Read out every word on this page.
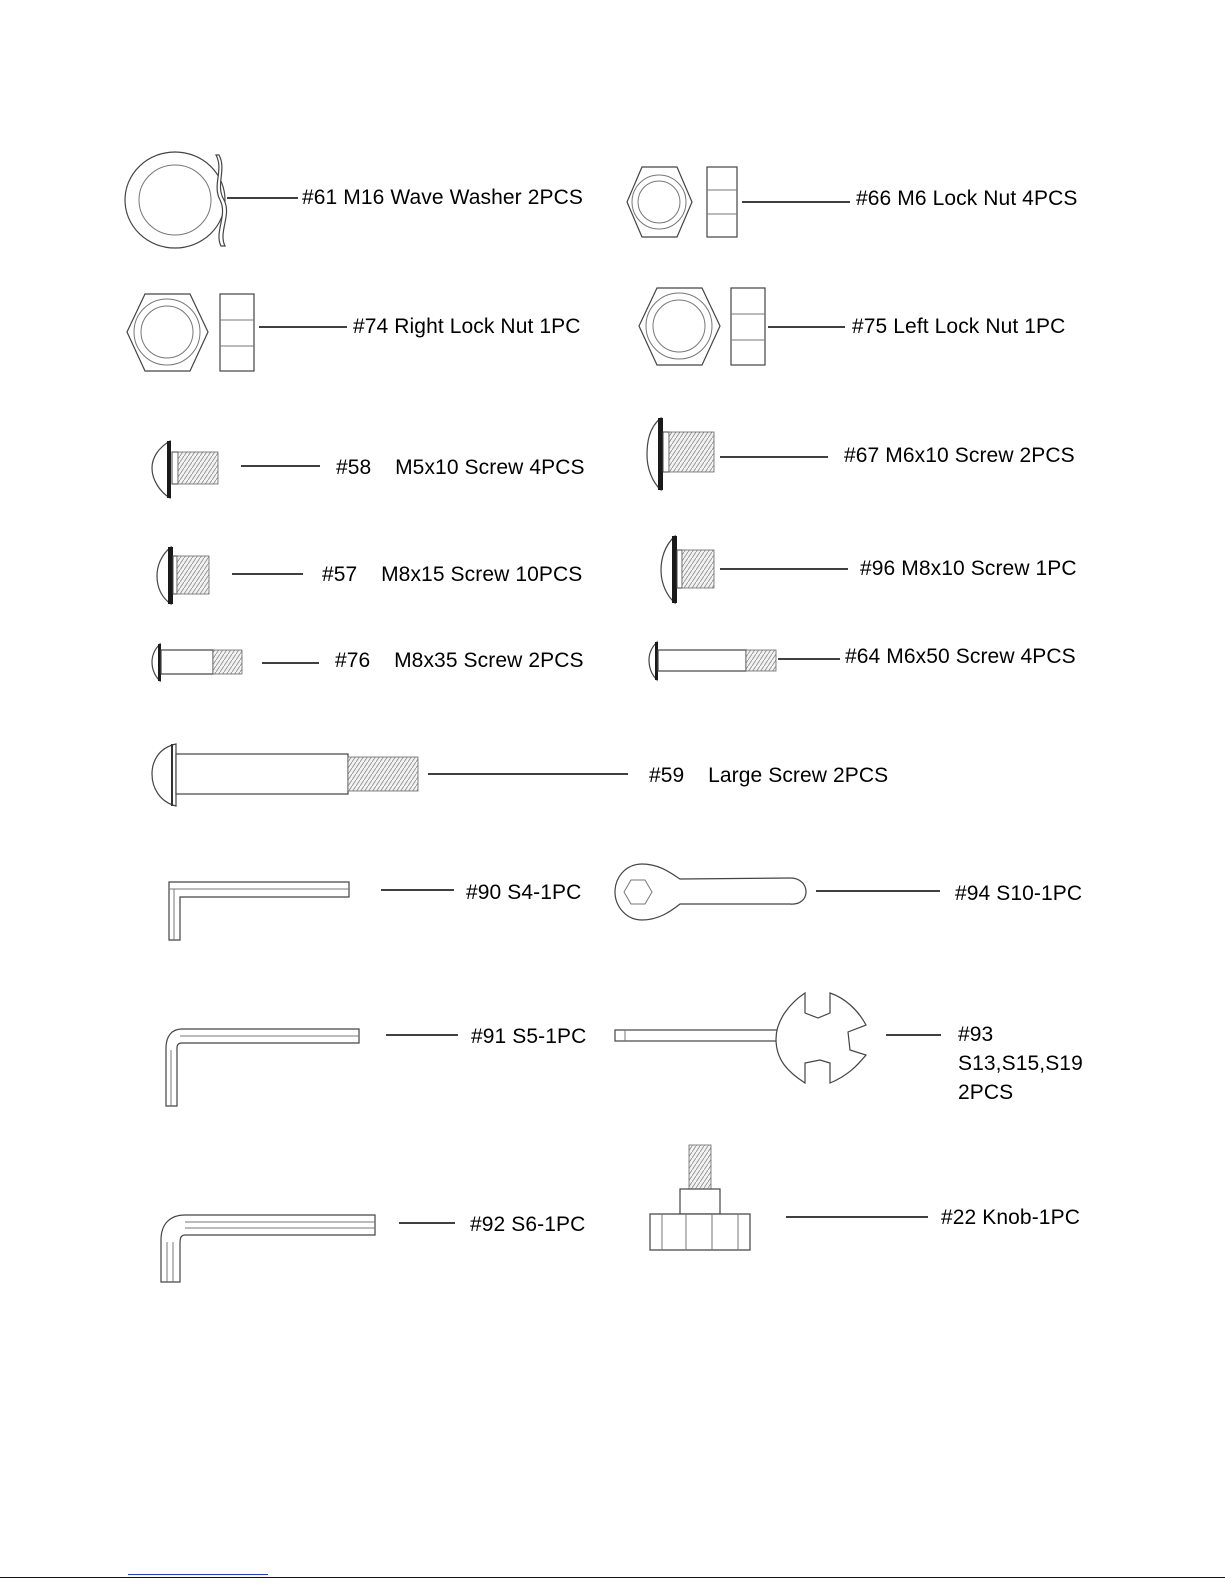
#61 M16 Wave Washer 2PCS	#66 M6 Lock Nut 4PCS
#74 Right Lock Nut 1PC	#75 Left Lock Nut 1PC
#58    M5x10 Screw 4PCS
#67 M6x10 Screw 2PCS
#57    M8x15 Screw 10PCS	#96 M8x10 Screw 1PC
#76    M8x35 Screw 2PCS	#64 M6x50 Screw 4PCS
#59    Large Screw 2PCS
#90 S4-1PC	#94 S10-1PC
#91 S5-1PC	#93 S13,S15,S19 2PCS
#92 S6-1PC	#22 Knob-1PC
